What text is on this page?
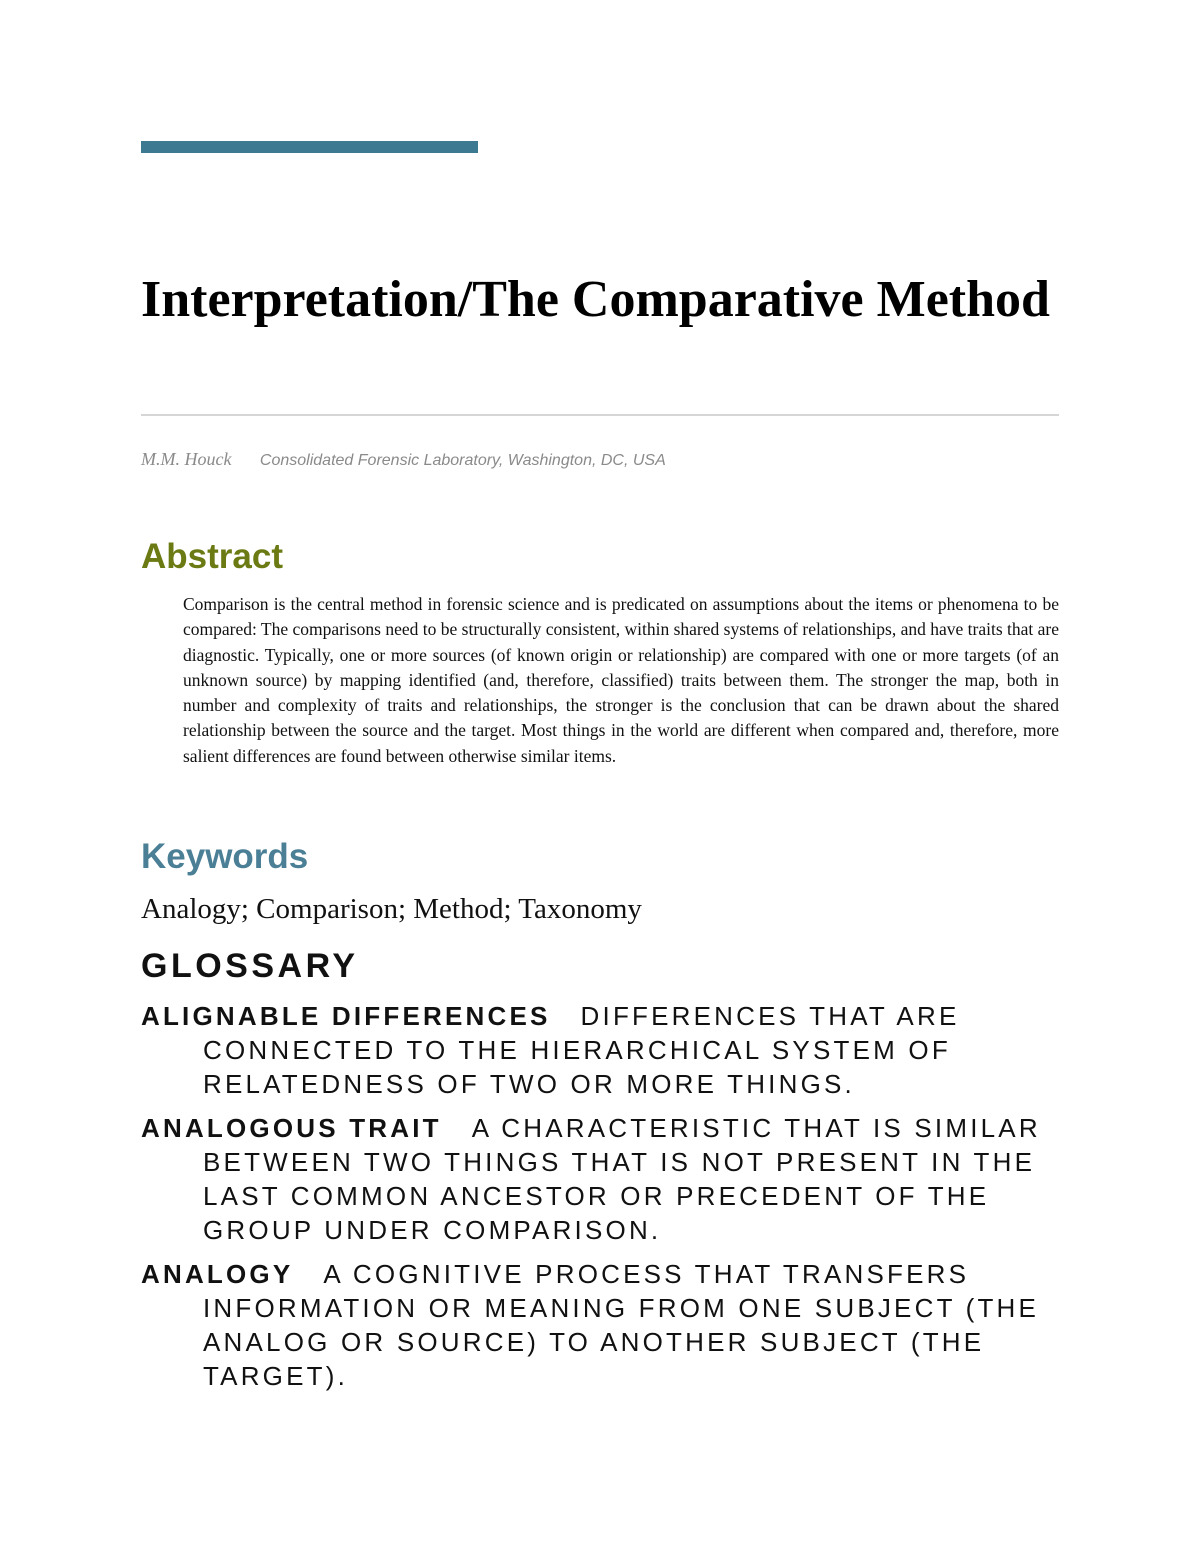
Interpretation/The Comparative Method
M.M. Houck Consolidated Forensic Laboratory, Washington, DC, USA
Abstract

Comparison is the central method in forensic science and is predicated on assumptions about the items or phenomena to be compared: The comparisons need to be structurally consistent, within shared systems of relationships, and have traits that are diagnostic. Typically, one or more sources (of known origin or relationship) are compared with one or more targets (of an unknown source) by mapping identified (and, therefore, classified) traits between them. The stronger the map, both in number and complexity of traits and relationships, the stronger is the conclusion that can be drawn about the shared relationship between the source and the target. Most things in the world are different when compared and, therefore, more salient differences are found between otherwise similar items.

Keywords

Analogy; Comparison; Method; Taxonomy

GLOSSARY

ALIGNABLE DIFFERENCES DIFFERENCES THAT ARE CONNECTED TO THE HIERARCHICAL SYSTEM OF RELATEDNESS OF TWO OR MORE THINGS.

ANALOGOUS TRAIT A CHARACTERISTIC THAT IS SIMILAR BETWEEN TWO THINGS THAT IS NOT PRESENT IN THE LAST COMMON ANCESTOR OR PRECEDENT OF THE GROUP UNDER COMPARISON.

ANALOGY A COGNITIVE PROCESS THAT TRANSFERS INFORMATION OR MEANING FROM ONE SUBJECT (THE ANALOG OR SOURCE) TO ANOTHER SUBJECT (THE TARGET).
